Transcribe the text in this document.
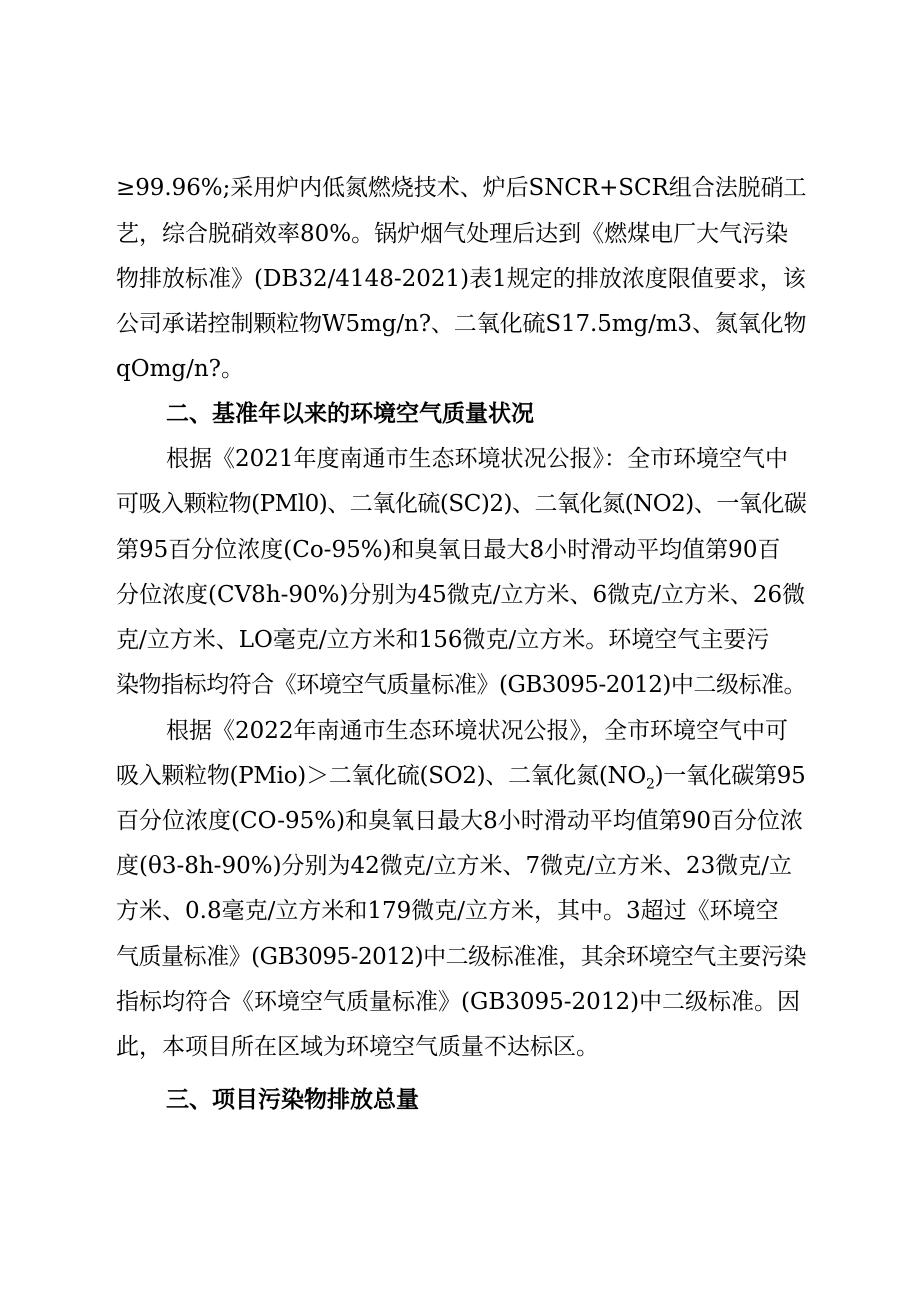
≥99.96%;采用炉内低氮燃烧技术、炉后SNCR+SCR组合法脱硝工
艺，综合脱硝效率80%。锅炉烟气处理后达到《燃煤电厂大气污染
物排放标准》(DB32/4148-2021)表1规定的排放浓度限值要求，该
公司承诺控制颗粒物W5mg/n?、二氧化硫S17.5mg∕m3、氮氧化物
qOmg/n?。
二、基准年以来的环境空气质量状况
根据《2021年度南通市生态环境状况公报》：全市环境空气中
可吸入颗粒物(PMl0)、二氧化硫(SC)2)、二氧化氮(NO2)、一氧化碳
第95百分位浓度(Co-95%)和臭氧日最大8小时滑动平均值第90百
分位浓度(CV8h-90%)分别为45微克/立方米、6微克/立方米、26微
克/立方米、LO毫克/立方米和156微克/立方米。环境空气主要污
染物指标均符合《环境空气质量标准》(GB3095-2012)中二级标准。
根据《2022年南通市生态环境状况公报》，全市环境空气中可
吸入颗粒物(PMio)＞二氧化硫(SO2)、二氧化氮$(NO_2)$一氧化碳第95
百分位浓度(CO-95%)和臭氧日最大8小时滑动平均值第90百分位浓
度(θ3-8h-90%)分别为42微克/立方米、7微克/立方米、23微克/立
方米、0.8毫克/立方米和179微克/立方米，其中。3超过《环境空
气质量标准》(GB3095-2012)中二级标准准，其余环境空气主要污染
指标均符合《环境空气质量标准》(GB3095-2012)中二级标准。因
此，本项目所在区域为环境空气质量不达标区。
三、项目污染物排放总量
